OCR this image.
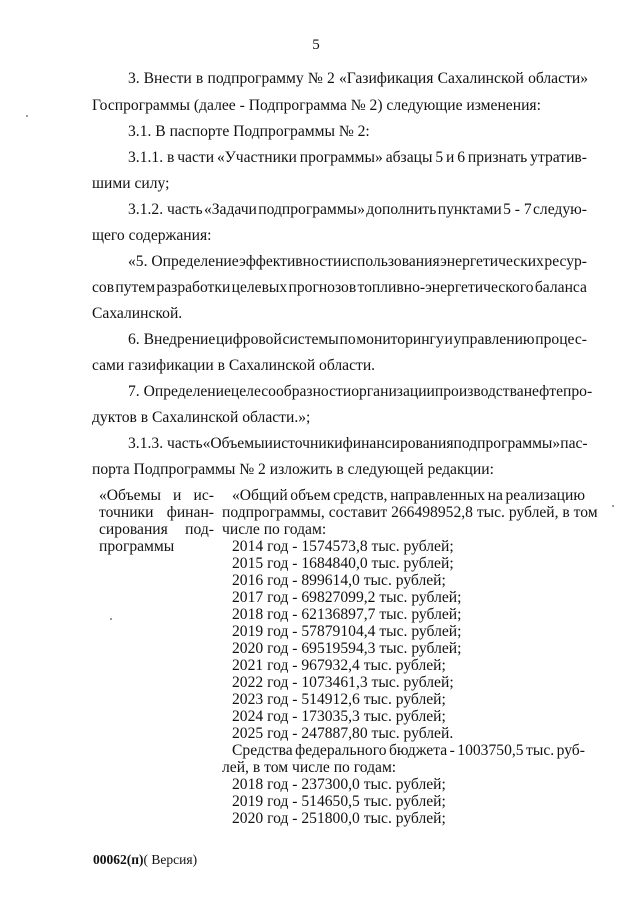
5
3. Внести в подпрограмму № 2 «Газификация Сахалинской области»
Госпрограммы (далее - Подпрограмма № 2) следующие изменения:
3.1. В паспорте Подпрограммы № 2:
3.1.1. в части «Участники программы» абзацы 5 и 6 признать утратив-
шими силу;
3.1.2. часть «Задачи подпрограммы» дополнить пунктами 5 - 7 следую-
щего содержания:
«5. Определение эффективности использования энергетических ресур-
сов путем разработки целевых прогнозов топливно-энергетического баланса
Сахалинской.
6. Внедрение цифровой системы по мониторингу и управлению процес-
сами газификации в Сахалинской области.
7. Определение целесообразности организации производства нефтепро-
дуктов в Сахалинской области.»;
3.1.3. часть «Объемы и источники финансирования подпрограммы» пас-
порта Подпрограммы № 2 изложить в следующей редакции:
«Объемы и ис-
точники финан-
сирования под-
программы
«Общий объем средств, направленных на реализацию
подпрограммы, составит 266498952,8 тыс. рублей, в том
числе по годам:
2014 год - 1574573,8 тыс. рублей;
2015 год - 1684840,0 тыс. рублей;
2016 год - 899614,0 тыс. рублей;
2017 год - 69827099,2 тыс. рублей;
2018 год - 62136897,7 тыс. рублей;
2019 год - 57879104,4 тыс. рублей;
2020 год - 69519594,3 тыс. рублей;
2021 год - 967932,4 тыс. рублей;
2022 год - 1073461,3 тыс. рублей;
2023 год - 514912,6 тыс. рублей;
2024 год - 173035,3 тыс. рублей;
2025 год - 247887,80 тыс. рублей.
Средства федерального бюджета - 1003750,5 тыс. руб-
лей, в том числе по годам:
2018 год - 237300,0 тыс. рублей;
2019 год - 514650,5 тыс. рублей;
2020 год - 251800,0 тыс. рублей;
00062(п)( Версия)
